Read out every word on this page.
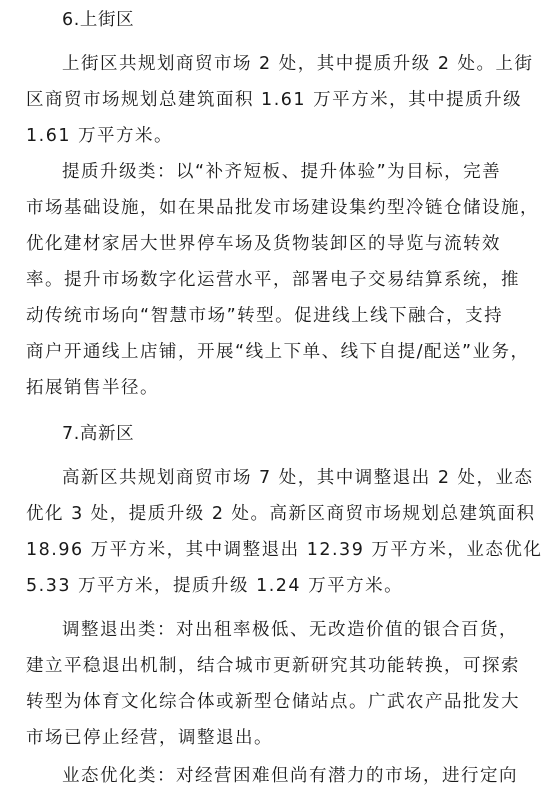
6.上街区

上街区共规划商贸市场 2 处，其中提质升级 2 处。上街

区商贸市场规划总建筑面积 1.61 万平方米，其中提质升级

1.61 万平方米。

提质升级类：以“补齐短板、提升体验”为目标，完善

市场基础设施，如在果品批发市场建设集约型冷链仓储设施，

优化建材家居大世界停车场及货物装卸区的导览与流转效

率。提升市场数字化运营水平，部署电子交易结算系统，推

动传统市场向“智慧市场”转型。促进线上线下融合，支持

商户开通线上店铺，开展“线上下单、线下自提/配送”业务，

拓展销售半径。

7.高新区

高新区共规划商贸市场 7 处，其中调整退出 2 处，业态

优化 3 处，提质升级 2 处。高新区商贸市场规划总建筑面积

18.96 万平方米，其中调整退出 12.39 万平方米，业态优化

5.33 万平方米，提质升级 1.24 万平方米。

调整退出类：对出租率极低、无改造价值的银合百货，

建立平稳退出机制，结合城市更新研究其功能转换，可探索

转型为体育文化综合体或新型仓储站点。广武农产品批发大

市场已停止经营，调整退出。

业态优化类：对经营困难但尚有潜力的市场，进行定向
